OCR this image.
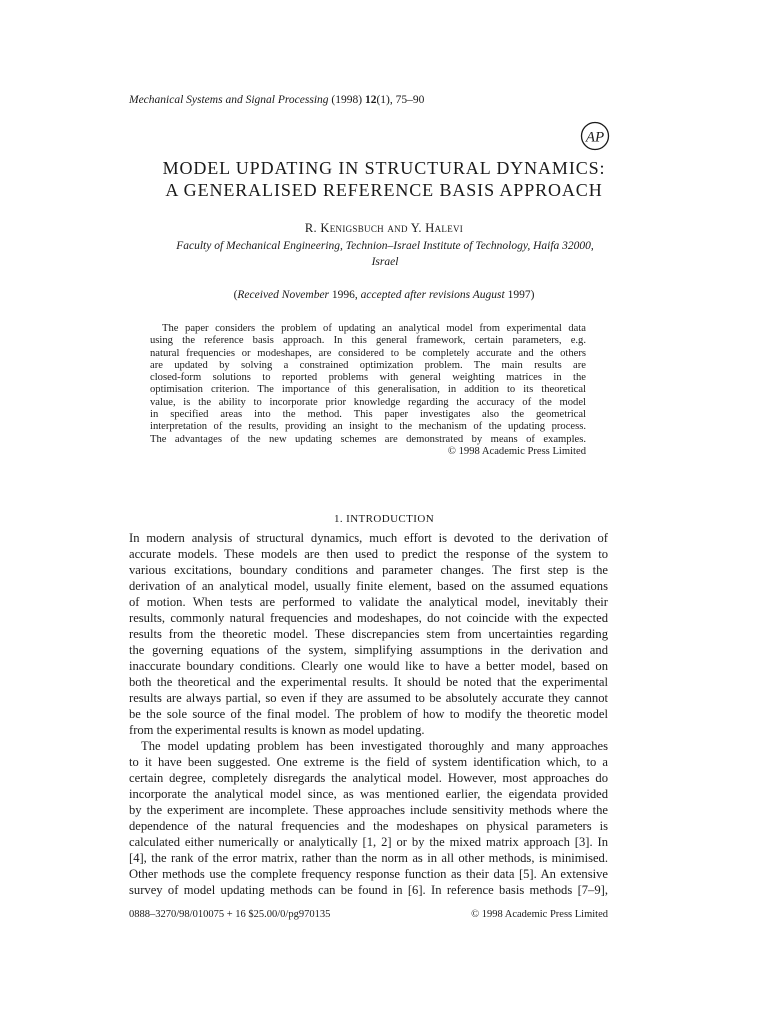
Mechanical Systems and Signal Processing (1998) 12(1), 75–90
AP
MODEL UPDATING IN STRUCTURAL DYNAMICS:
A GENERALISED REFERENCE BASIS APPROACH
R. Kenigsbuch and Y. Halevi
Faculty of Mechanical Engineering, Technion–Israel Institute of Technology, Haifa 32000,
Israel
(Received November 1996, accepted after revisions August 1997)
The paper considers the problem of updating an analytical model from experimental data
using the reference basis approach. In this general framework, certain parameters, e.g.
natural frequencies or modeshapes, are considered to be completely accurate and the others
are updated by solving a constrained optimization problem. The main results are
closed-form solutions to reported problems with general weighting matrices in the
optimisation criterion. The importance of this generalisation, in addition to its theoretical
value, is the ability to incorporate prior knowledge regarding the accuracy of the model
in specified areas into the method. This paper investigates also the geometrical
interpretation of the results, providing an insight to the mechanism of the updating process.
The advantages of the new updating schemes are demonstrated by means of examples.
© 1998 Academic Press Limited
1. INTRODUCTION
In modern analysis of structural dynamics, much effort is devoted to the derivation of
accurate models. These models are then used to predict the response of the system to
various excitations, boundary conditions and parameter changes. The first step is the
derivation of an analytical model, usually finite element, based on the assumed equations
of motion. When tests are performed to validate the analytical model, inevitably their
results, commonly natural frequencies and modeshapes, do not coincide with the expected
results from the theoretic model. These discrepancies stem from uncertainties regarding
the governing equations of the system, simplifying assumptions in the derivation and
inaccurate boundary conditions. Clearly one would like to have a better model, based on
both the theoretical and the experimental results. It should be noted that the experimental
results are always partial, so even if they are assumed to be absolutely accurate they cannot
be the sole source of the final model. The problem of how to modify the theoretic model
from the experimental results is known as model updating.
The model updating problem has been investigated thoroughly and many approaches
to it have been suggested. One extreme is the field of system identification which, to a
certain degree, completely disregards the analytical model. However, most approaches do
incorporate the analytical model since, as was mentioned earlier, the eigendata provided
by the experiment are incomplete. These approaches include sensitivity methods where the
dependence of the natural frequencies and the modeshapes on physical parameters is
calculated either numerically or analytically [1, 2] or by the mixed matrix approach [3]. In
[4], the rank of the error matrix, rather than the norm as in all other methods, is minimised.
Other methods use the complete frequency response function as their data [5]. An extensive
survey of model updating methods can be found in [6]. In reference basis methods [7–9],
0888–3270/98/010075 + 16 $25.00/0/pg970135	© 1998 Academic Press Limited
